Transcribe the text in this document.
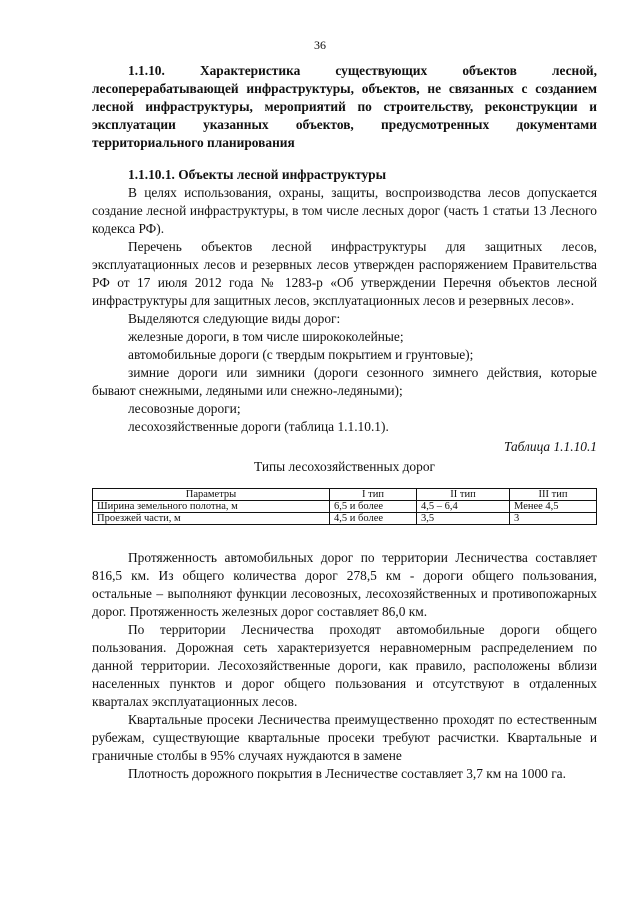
36
1.1.10. Характеристика существующих объектов лесной, лесоперерабатывающей инфраструктуры, объектов, не связанных с созданием лесной инфраструктуры, мероприятий по строительству, реконструкции и эксплуатации указанных объектов, предусмотренных документами территориального планирования
1.1.10.1. Объекты лесной инфраструктуры

В целях использования, охраны, защиты, воспроизводства лесов допускается создание лесной инфраструктуры, в том числе лесных дорог (часть 1 статьи 13 Лесного кодекса РФ).

Перечень объектов лесной инфраструктуры для защитных лесов, эксплуатационных лесов и резервных лесов утвержден распоряжением Правительства РФ от 17 июля 2012 года № 1283-р «Об утверждении Перечня объектов лесной инфраструктуры для защитных лесов, эксплуатационных лесов и резервных лесов».

Выделяются следующие виды дорог:

железные дороги, в том числе ширококолейные;

автомобильные дороги (с твердым покрытием и грунтовые);

зимние дороги или зимники (дороги сезонного зимнего действия, которые бывают снежными, ледяными или снежно-ледяными);

лесовозные дороги;

лесохозяйственные дороги (таблица 1.1.10.1).

Таблица 1.1.10.1
Типы лесохозяйственных дорог
Параметры	I тип	II тип	III тип
Ширина земельного полотна, м	6,5 и более	4,5 – 6,4	Менее 4,5
Проезжей части, м	4,5 и более	3,5	3

Протяженность автомобильных дорог по территории Лесничества составляет 816,5 км. Из общего количества дорог 278,5 км - дороги общего пользования, остальные – выполняют функции лесовозных, лесохозяйственных и противопожарных дорог. Протяженность железных дорог составляет 86,0 км.

По территории Лесничества проходят автомобильные дороги общего пользования. Дорожная сеть характеризуется неравномерным распределением по данной территории. Лесохозяйственные дороги, как правило, расположены вблизи населенных пунктов и дорог общего пользования и отсутствуют в отдаленных кварталах эксплуатационных лесов.

Квартальные просеки Лесничества преимущественно проходят по естественным рубежам, существующие квартальные просеки требуют расчистки. Квартальные и граничные столбы в 95% случаях нуждаются в замене

Плотность дорожного покрытия в Лесничестве составляет 3,7 км на 1000 га.
